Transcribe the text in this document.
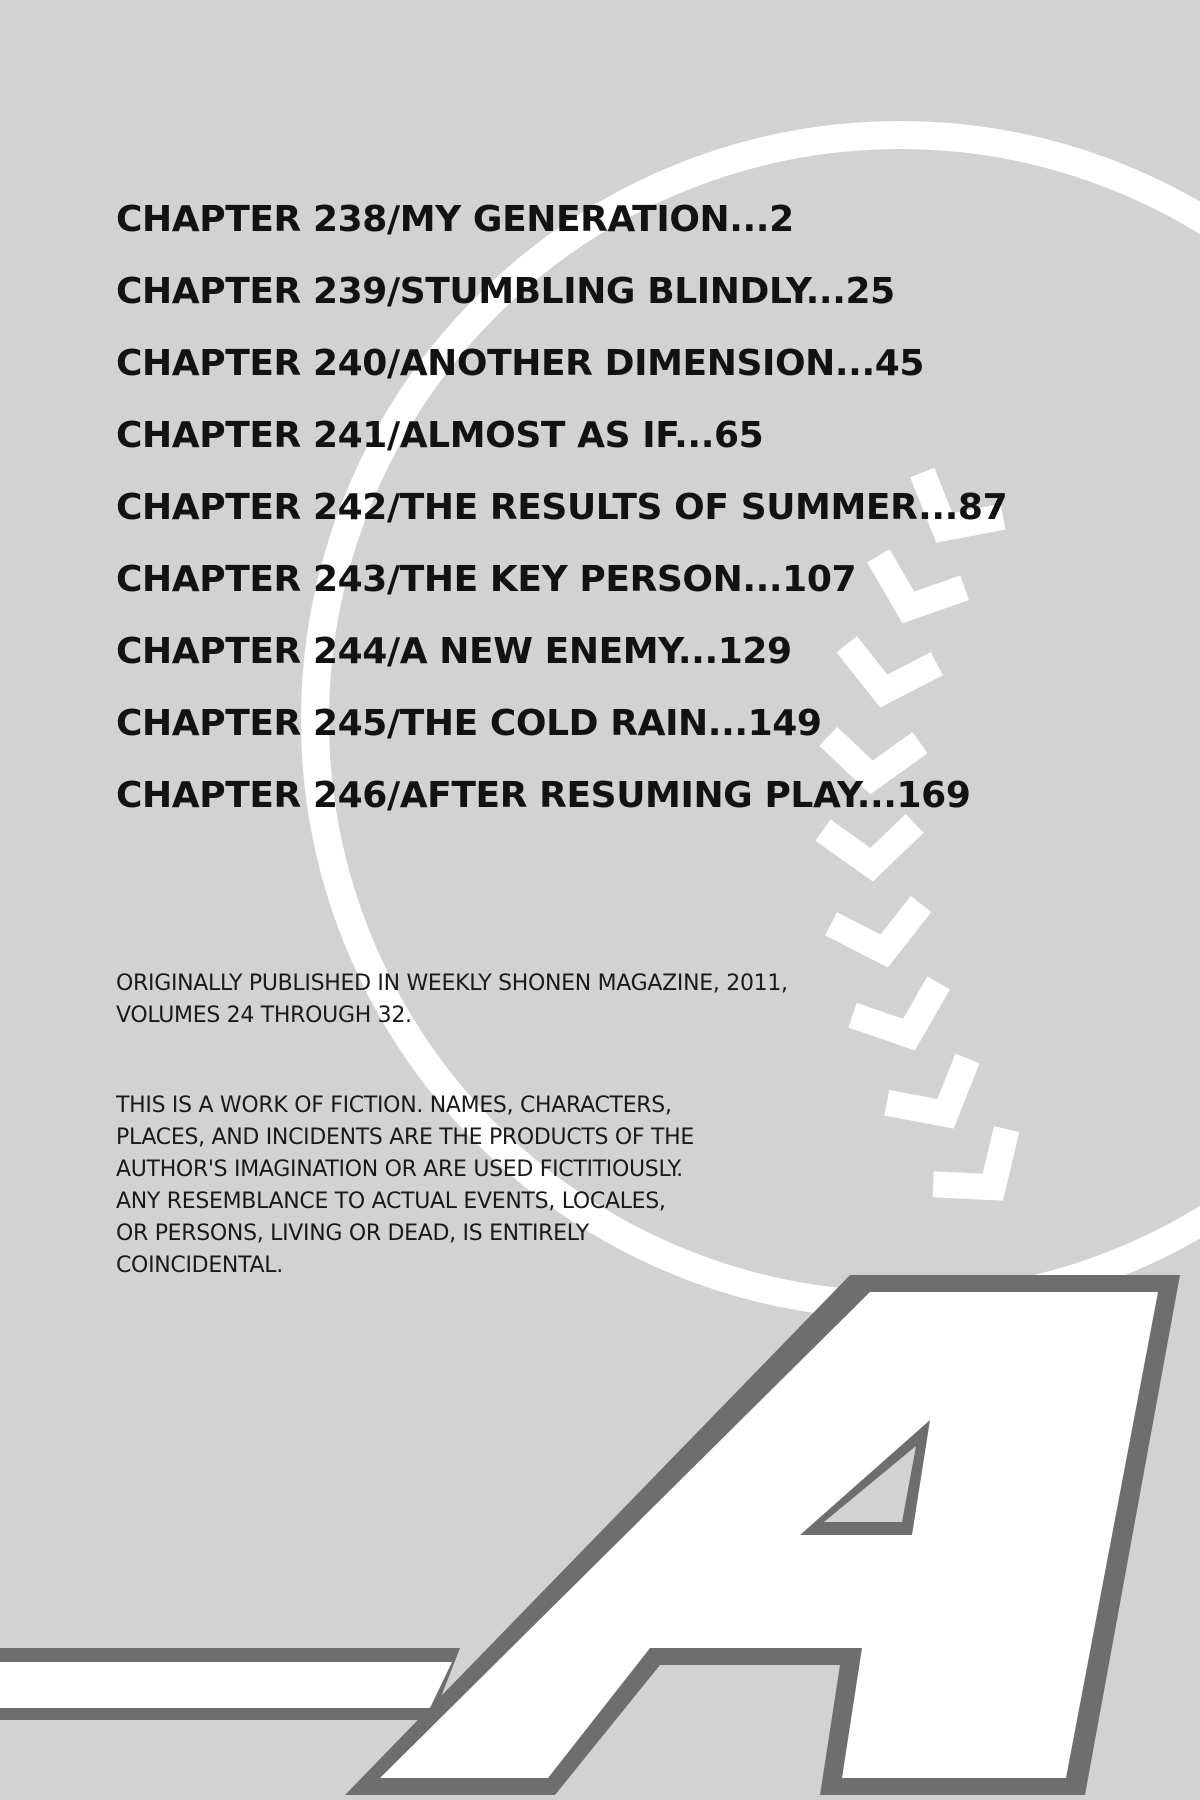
CHAPTER 238/MY GENERATION...2
CHAPTER 239/STUMBLING BLINDLY...25
CHAPTER 240/ANOTHER DIMENSION...45
CHAPTER 241/ALMOST AS IF...65
CHAPTER 242/THE RESULTS OF SUMMER...87
CHAPTER 243/THE KEY PERSON...107
CHAPTER 244/A NEW ENEMY...129
CHAPTER 245/THE COLD RAIN...149
CHAPTER 246/AFTER RESUMING PLAY...169
ORIGINALLY PUBLISHED IN WEEKLY SHONEN MAGAZINE, 2011,
VOLUMES 24 THROUGH 32.
THIS IS A WORK OF FICTION. NAMES, CHARACTERS,
PLACES, AND INCIDENTS ARE THE PRODUCTS OF THE
AUTHOR'S IMAGINATION OR ARE USED FICTITIOUSLY.
ANY RESEMBLANCE TO ACTUAL EVENTS, LOCALES,
OR PERSONS, LIVING OR DEAD, IS ENTIRELY
COINCIDENTAL.
